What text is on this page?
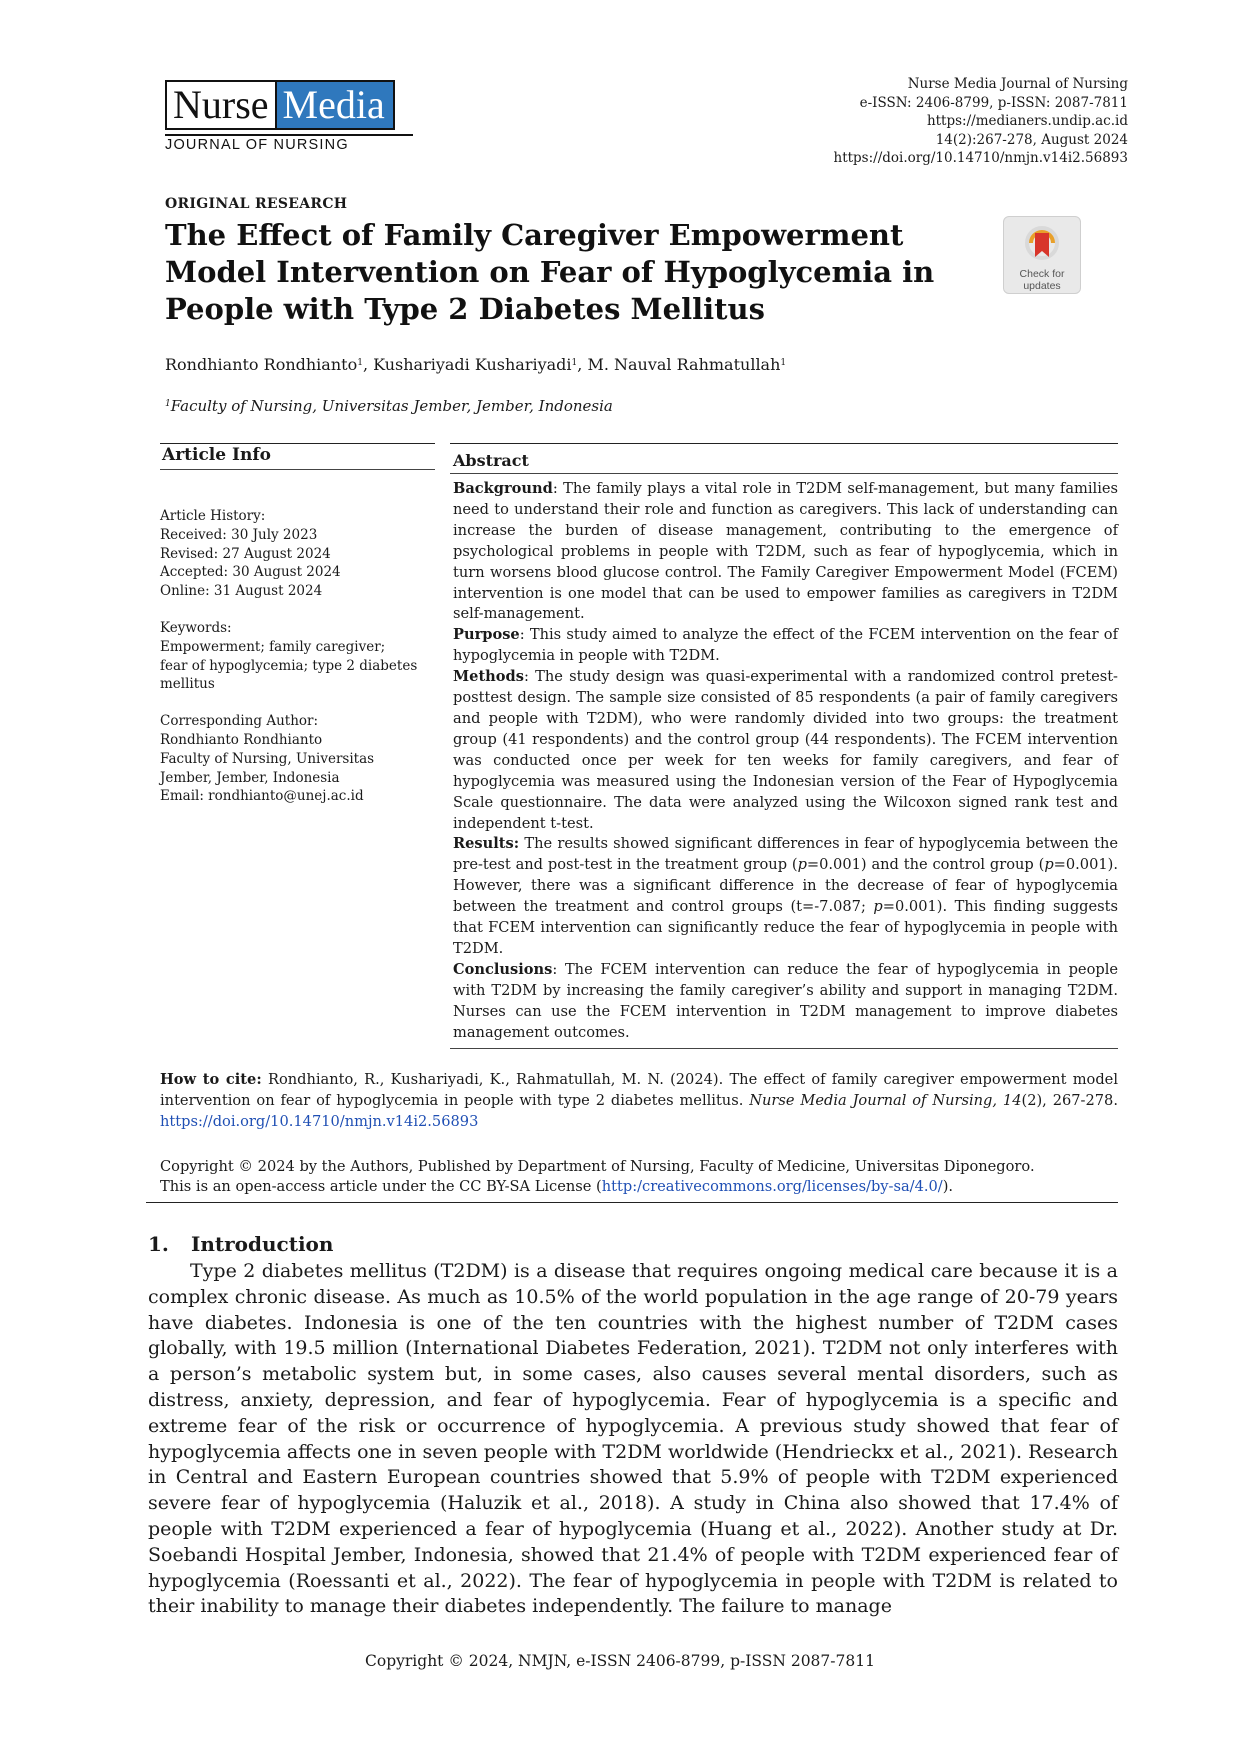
Nurse Media
JOURNAL OF NURSING
Nurse Media Journal of Nursing
e-ISSN: 2406-8799, p-ISSN: 2087-7811
https://medianers.undip.ac.id
14(2):267-278, August 2024
https://doi.org/10.14710/nmjn.v14i2.56893
ORIGINAL RESEARCH
The Effect of Family Caregiver Empowerment Model Intervention on Fear of Hypoglycemia in People with Type 2 Diabetes Mellitus
Check for
updates
Rondhianto Rondhianto$^1$, Kushariyadi Kushariyadi$^1$, M. Nauval Rahmatullah$^1$
$^1$Faculty of Nursing, Universitas Jember, Jember, Indonesia
Article Info	Abstract
Article History:
Received: 30 July 2023
Revised: 27 August 2024
Accepted: 30 August 2024
Online: 31 August 2024
Keywords:
Empowerment; family caregiver;
fear of hypoglycemia; type 2 diabetes
mellitus
Corresponding Author:
Rondhianto Rondhianto
Faculty of Nursing, Universitas
Jember, Jember, Indonesia
Email: rondhianto@unej.ac.id

Background: The family plays a vital role in T2DM self-management, but many families need to understand their role and function as caregivers. This lack of understanding can increase the burden of disease management, contributing to the emergence of psychological problems in people with T2DM, such as fear of hypoglycemia, which in turn worsens blood glucose control. The Family Caregiver Empowerment Model (FCEM) intervention is one model that can be used to empower families as caregivers in T2DM self-management.

Purpose: This study aimed to analyze the effect of the FCEM intervention on the fear of hypoglycemia in people with T2DM.

Methods: The study design was quasi-experimental with a randomized control pretest-posttest design. The sample size consisted of 85 respondents (a pair of family caregivers and people with T2DM), who were randomly divided into two groups: the treatment group (41 respondents) and the control group (44 respondents). The FCEM intervention was conducted once per week for ten weeks for family caregivers, and fear of hypoglycemia was measured using the Indonesian version of the Fear of Hypoglycemia Scale questionnaire. The data were analyzed using the Wilcoxon signed rank test and independent t-test.

Results: The results showed significant differences in fear of hypoglycemia between the pre-test and post-test in the treatment group (p=0.001) and the control group (p=0.001). However, there was a significant difference in the decrease of fear of hypoglycemia between the treatment and control groups (t=-7.087; p=0.001). This finding suggests that FCEM intervention can significantly reduce the fear of hypoglycemia in people with T2DM.

Conclusions: The FCEM intervention can reduce the fear of hypoglycemia in people with T2DM by increasing the family caregiver’s ability and support in managing T2DM. Nurses can use the FCEM intervention in T2DM management to improve diabetes management outcomes.

How to cite: Rondhianto, R., Kushariyadi, K., Rahmatullah, M. N. (2024). The effect of family caregiver empowerment model intervention on fear of hypoglycemia in people with type 2 diabetes mellitus. Nurse Media Journal of Nursing, 14(2), 267-278. https://doi.org/10.14710/nmjn.v14i2.56893

Copyright © 2024 by the Authors, Published by Department of Nursing, Faculty of Medicine, Universitas Diponegoro.
This is an open-access article under the CC BY-SA License (http:/creativecommons.org/licenses/by-sa/4.0/).
1. Introduction

Type 2 diabetes mellitus (T2DM) is a disease that requires ongoing medical care because it is a complex chronic disease. As much as 10.5% of the world population in the age range of 20-79 years have diabetes. Indonesia is one of the ten countries with the highest number of T2DM cases globally, with 19.5 million (International Diabetes Federation, 2021). T2DM not only interferes with a person’s metabolic system but, in some cases, also causes several mental disorders, such as distress, anxiety, depression, and fear of hypoglycemia. Fear of hypoglycemia is a specific and extreme fear of the risk or occurrence of hypoglycemia. A previous study showed that fear of hypoglycemia affects one in seven people with T2DM worldwide (Hendrieckx et al., 2021). Research in Central and Eastern European countries showed that 5.9% of people with T2DM experienced severe fear of hypoglycemia (Haluzik et al., 2018). A study in China also showed that 17.4% of people with T2DM experienced a fear of hypoglycemia (Huang et al., 2022). Another study at Dr. Soebandi Hospital Jember, Indonesia, showed that 21.4% of people with T2DM experienced fear of hypoglycemia (Roessanti et al., 2022). The fear of hypoglycemia in people with T2DM is related to their inability to manage their diabetes independently. The failure to manage

Copyright © 2024, NMJN, e-ISSN 2406-8799, p-ISSN 2087-7811
